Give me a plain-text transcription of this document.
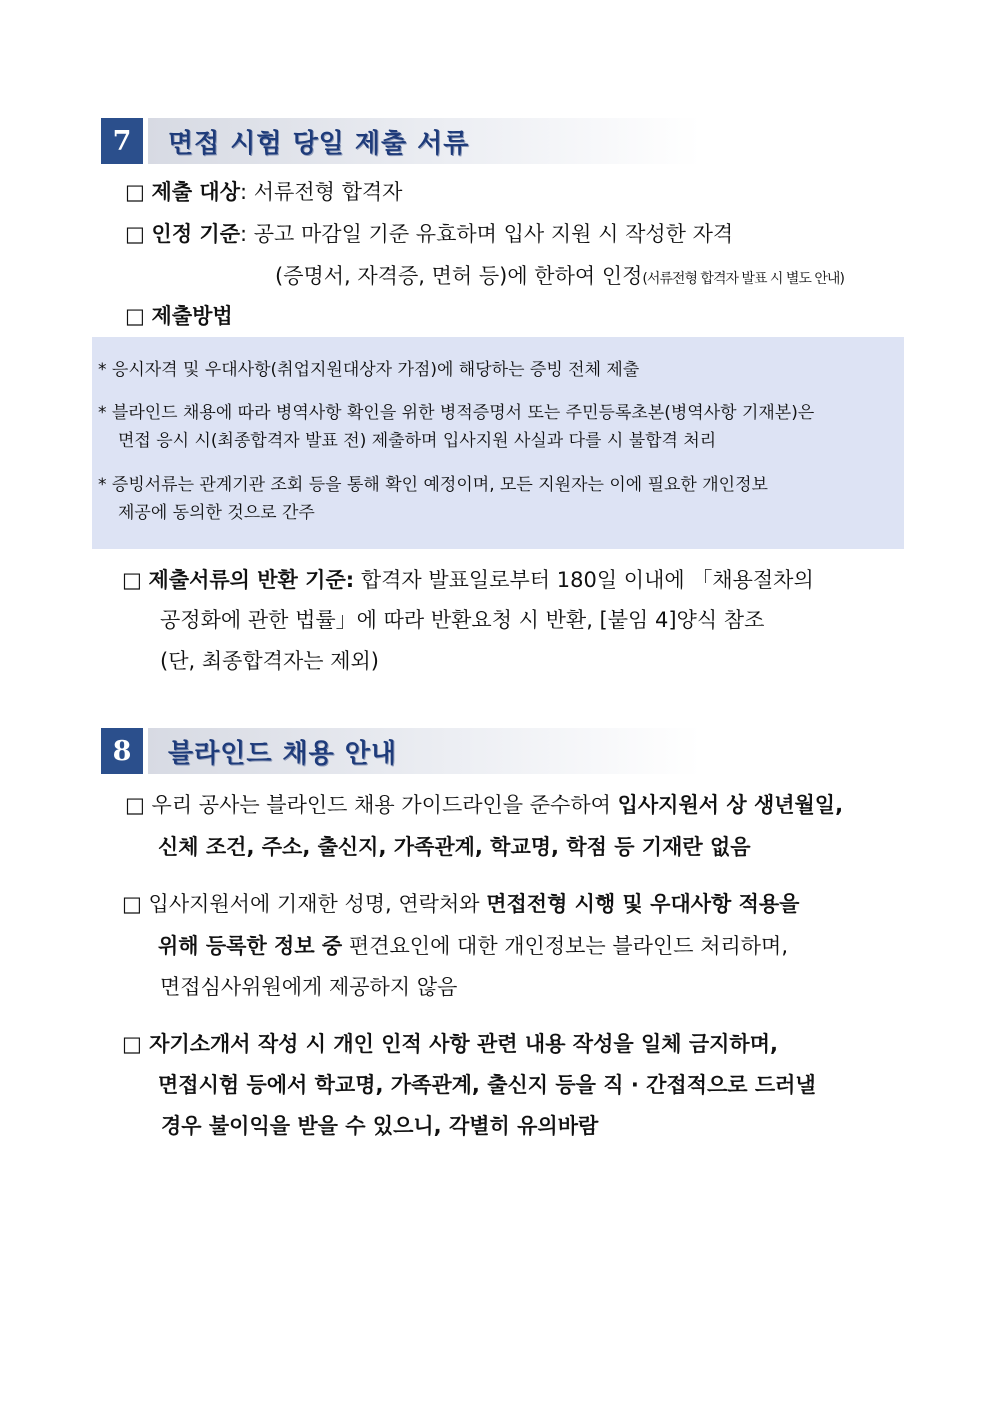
7	면접 시험 당일 제출 서류
□ 제출 대상: 서류전형 합격자
□ 인정 기준: 공고 마감일 기준 유효하며 입사 지원 시 작성한 자격
(증명서, 자격증, 면허 등)에 한하여 인정(서류전형 합격자 발표 시 별도 안내)
□ 제출방법
* 응시자격 및 우대사항(취업지원대상자 가점)에 해당하는 증빙 전체 제출
* 블라인드 채용에 따라 병역사항 확인을 위한 병적증명서 또는 주민등록초본(병역사항 기재본)은
면접 응시 시(최종합격자 발표 전) 제출하며 입사지원 사실과 다를 시 불합격 처리
* 증빙서류는 관계기관 조회 등을 통해 확인 예정이며, 모든 지원자는 이에 필요한 개인정보
제공에 동의한 것으로 간주
□ 제출서류의 반환 기준: 합격자 발표일로부터 180일 이내에 「채용절차의
공정화에 관한 법률」에 따라 반환요청 시 반환, [붙임 4]양식 참조
(단, 최종합격자는 제외)
8	블라인드 채용 안내
□ 우리 공사는 블라인드 채용 가이드라인을 준수하여 입사지원서 상 생년월일,
신체 조건, 주소, 출신지, 가족관계, 학교명, 학점 등 기재란 없음
□ 입사지원서에 기재한 성명, 연락처와 면접전형 시행 및 우대사항 적용을
위해 등록한 정보 중 편견요인에 대한 개인정보는 블라인드 처리하며,
면접심사위원에게 제공하지 않음
□ 자기소개서 작성 시 개인 인적 사항 관련 내용 작성을 일체 금지하며,
면접시험 등에서 학교명, 가족관계, 출신지 등을 직 · 간접적으로 드러낼
경우 불이익을 받을 수 있으니, 각별히 유의바람
